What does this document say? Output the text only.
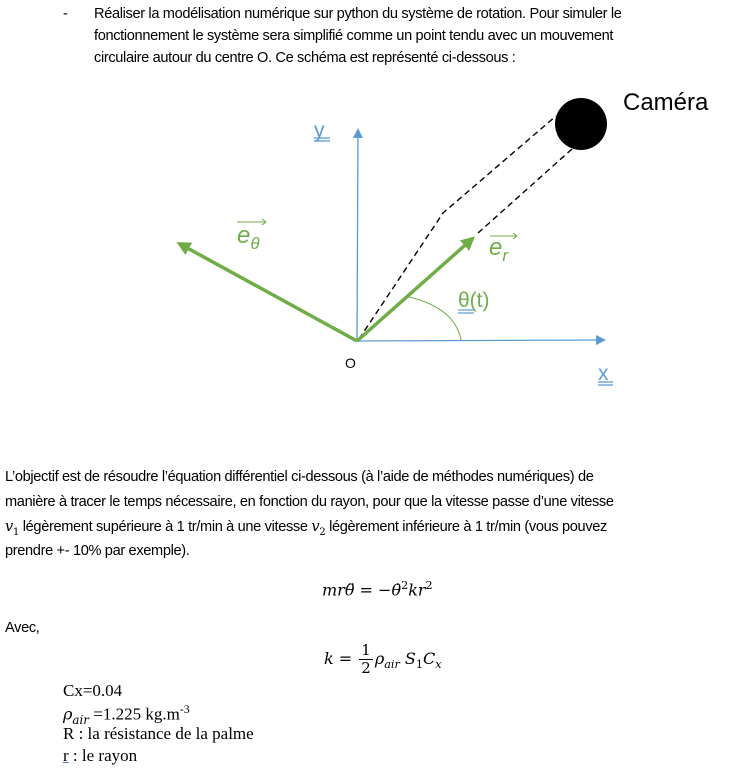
- Réaliser la modélisation numérique sur python du système de rotation. Pour simuler le
fonctionnement le système sera simplifié comme un point tendu avec un mouvement
circulaire autour du centre O. Ce schéma est représenté ci-dessous :
Caméra
y
x
O
$e_\theta$	$e_r$
θ(t)
L’objectif est de résoudre l’équation différentiel ci-dessous (à l’aide de méthodes numériques) de
manière à tracer le temps nécessaire, en fonction du rayon, pour que la vitesse passe d’une vitesse
$v_1$ légèrement supérieure à 1 tr/min à une vitesse $v_2$ légèrement inférieure à 1 tr/min (vous pouvez
prendre +- 10% par exemple).
mrθ̈ = $-\thetȧ^2kr^2$
Avec,
$k = \frac{1}{2} \rho_{air}$ $S_1C_x$
Cx=0.04
$\rho_{air} =1.225$ $kg.m^{-3}$
R : la résistance de la palme
r : le rayon
